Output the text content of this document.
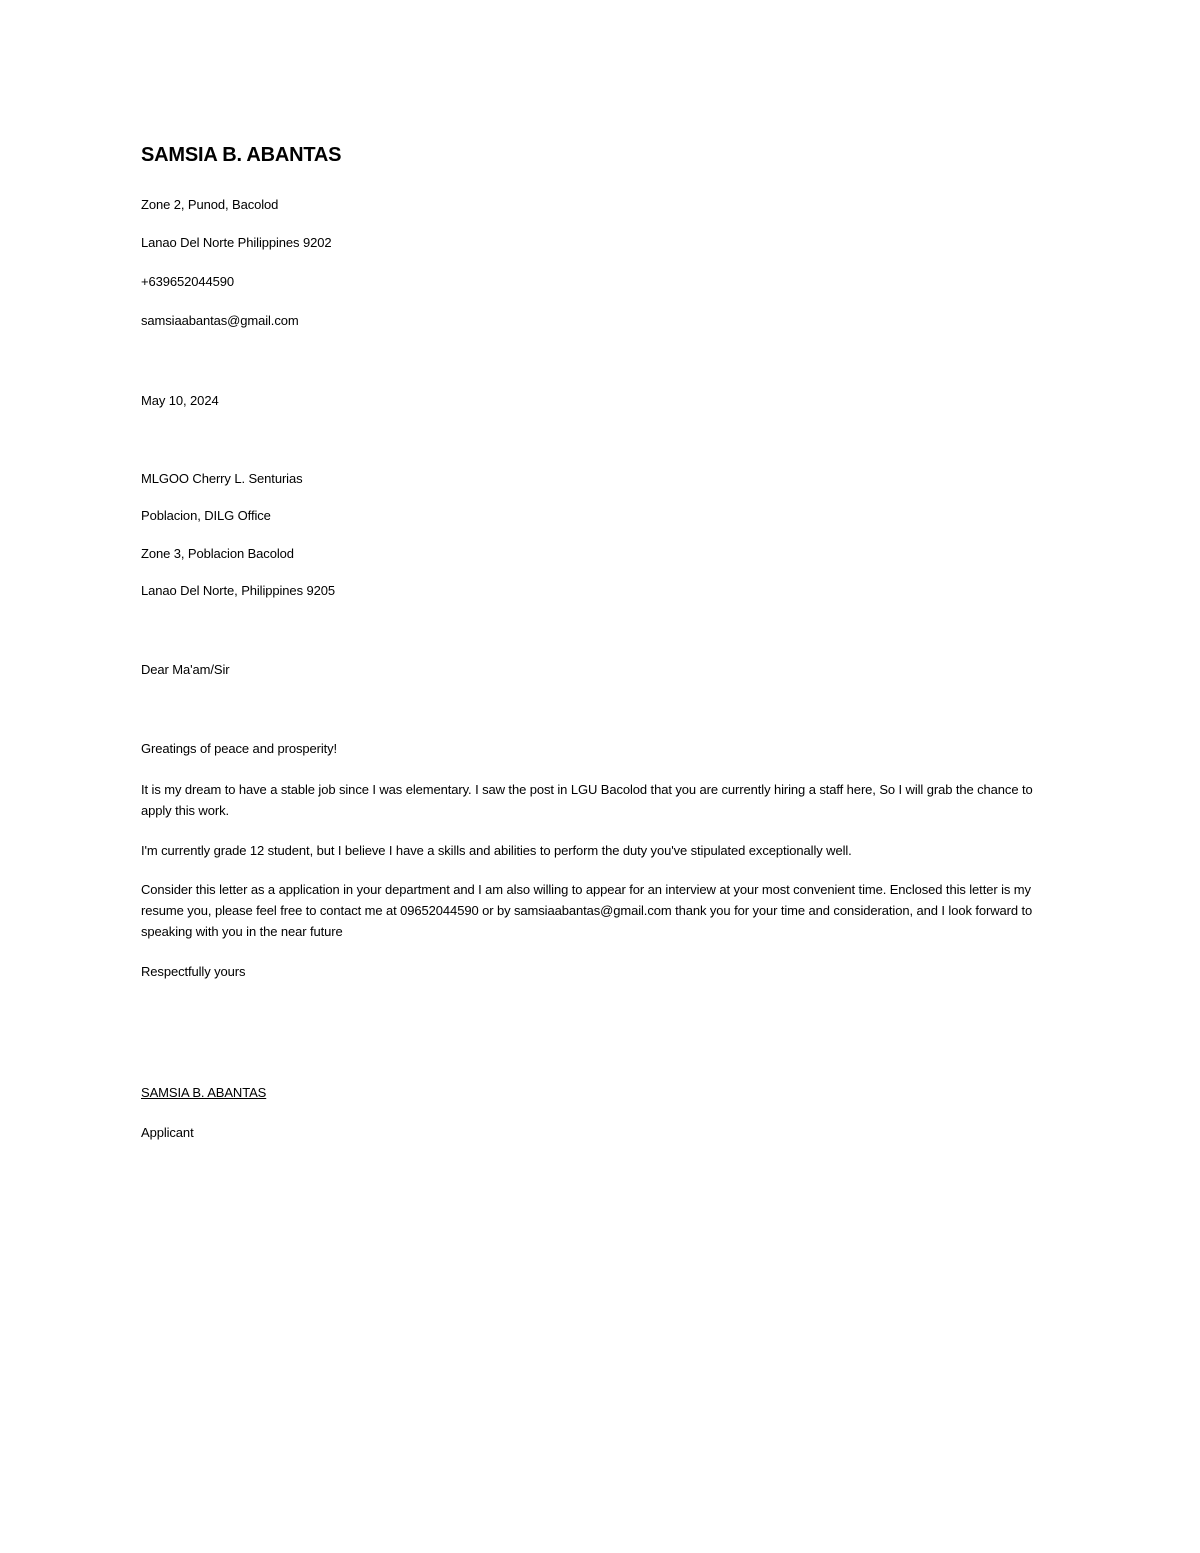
SAMSIA B. ABANTAS
Zone 2, Punod, Bacolod
Lanao Del Norte Philippines 9202
+639652044590
samsiaabantas@gmail.com
May 10, 2024
MLGOO Cherry L. Senturias
Poblacion, DILG Office
Zone 3, Poblacion Bacolod
Lanao Del Norte, Philippines 9205
Dear Ma'am/Sir
Greatings of peace and prosperity!
It is my dream to have a stable job since I was elementary. I saw the post in LGU Bacolod that you are currently hiring a staff here, So I will grab the chance to apply this work.
I'm currently grade 12 student, but I believe I have a skills and abilities to perform the duty you've stipulated exceptionally well.
Consider this letter as a application in your department and I am also willing to appear for an interview at your most convenient time. Enclosed this letter is my resume you, please feel free to contact me at 09652044590 or by samsiaabantas@gmail.com thank you for your time and consideration, and I look forward to speaking with you in the near future
Respectfully yours
SAMSIA B. ABANTAS
Applicant
